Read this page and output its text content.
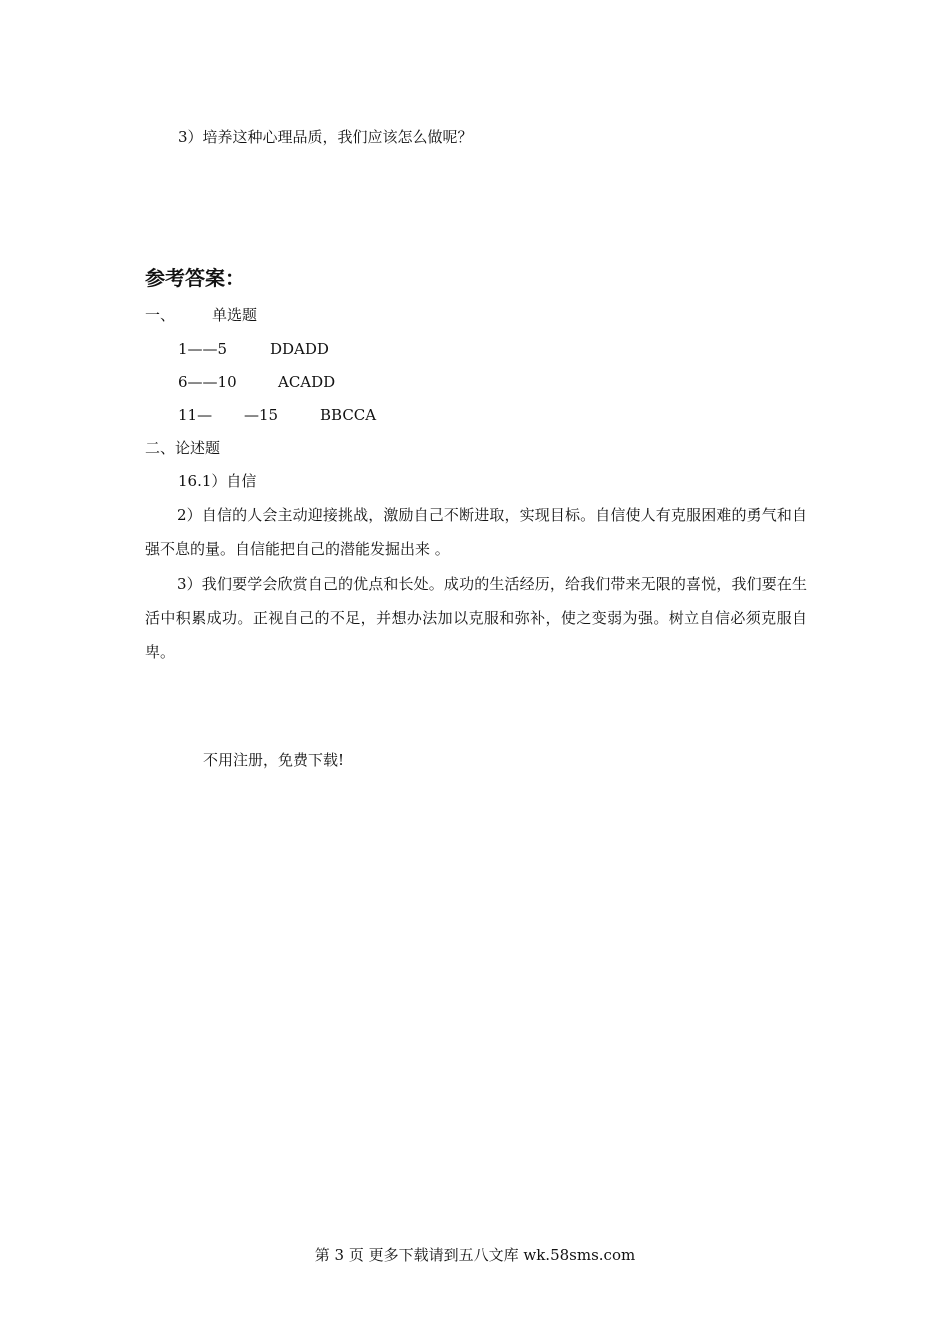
3）培养这种心理品质，我们应该怎么做呢？
参考答案：
一、 单选题
1——5	DDADD
6——10	ACADD
11— —15	BBCCA
二、论述题
16.1）自信
2）自信的人会主动迎接挑战，激励自己不断进取，实现目标。自信使人有克服困难的勇气和自强不息的量。自信能把自己的潜能发掘出来 。
3）我们要学会欣赏自己的优点和长处。成功的生活经历，给我们带来无限的喜悦，我们要在生活中积累成功。正视自己的不足，并想办法加以克服和弥补，使之变弱为强。树立自信必须克服自卑。
不用注册，免费下载!
第 3 页 更多下载请到五八文库 wk.58sms.com
